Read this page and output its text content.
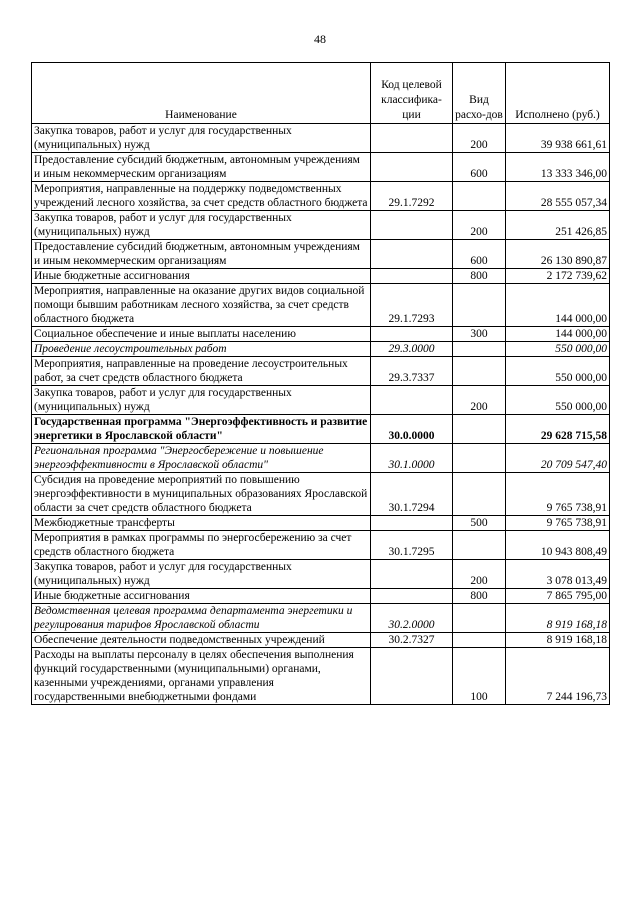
48
Наименование	Код целевой классифика-ции	Вид расхо-дов	Исполнено (руб.)
Закупка товаров, работ и услуг для государственных (муниципальных) нужд		200	39 938 661,61
Предоставление субсидий бюджетным, автономным учреждениям и иным некоммерческим организациям		600	13 333 346,00
Мероприятия, направленные на поддержку подведомственных учреждений лесного хозяйства, за счет средств областного бюджета	29.1.7292		28 555 057,34
Закупка товаров, работ и услуг для государственных (муниципальных) нужд		200	251 426,85
Предоставление субсидий бюджетным, автономным учреждениям и иным некоммерческим организациям		600	26 130 890,87
Иные бюджетные ассигнования		800	2 172 739,62
Мероприятия, направленные на оказание других видов социальной помощи бывшим работникам лесного хозяйства, за счет средств областного бюджета	29.1.7293		144 000,00
Социальное обеспечение и иные выплаты населению		300	144 000,00
Проведение лесоустроительных работ	29.3.0000		550 000,00
Мероприятия, направленные на проведение лесоустроительных работ, за счет средств областного бюджета	29.3.7337		550 000,00
Закупка товаров, работ и услуг для государственных (муниципальных) нужд		200	550 000,00
Государственная программа "Энергоэффективность и развитие энергетики в Ярославской области"	30.0.0000		29 628 715,58
Региональная программа "Энергосбережение и повышение энергоэффективности в Ярославской области"	30.1.0000		20 709 547,40
Субсидия на проведение мероприятий по повышению энергоэффективности в муниципальных образованиях Ярославской области за счет средств областного бюджета	30.1.7294		9 765 738,91
Межбюджетные трансферты		500	9 765 738,91
Мероприятия в рамках программы по энергосбережению за счет средств областного бюджета	30.1.7295		10 943 808,49
Закупка товаров, работ и услуг для государственных (муниципальных) нужд		200	3 078 013,49
Иные бюджетные ассигнования		800	7 865 795,00
Ведомственная целевая программа департамента энергетики и регулирования тарифов Ярославской области	30.2.0000		8 919 168,18
Обеспечение деятельности подведомственных учреждений	30.2.7327		8 919 168,18
Расходы на выплаты персоналу в целях обеспечения выполнения функций государственными (муниципальными) органами, казенными учреждениями, органами управления государственными внебюджетными фондами		100	7 244 196,73
